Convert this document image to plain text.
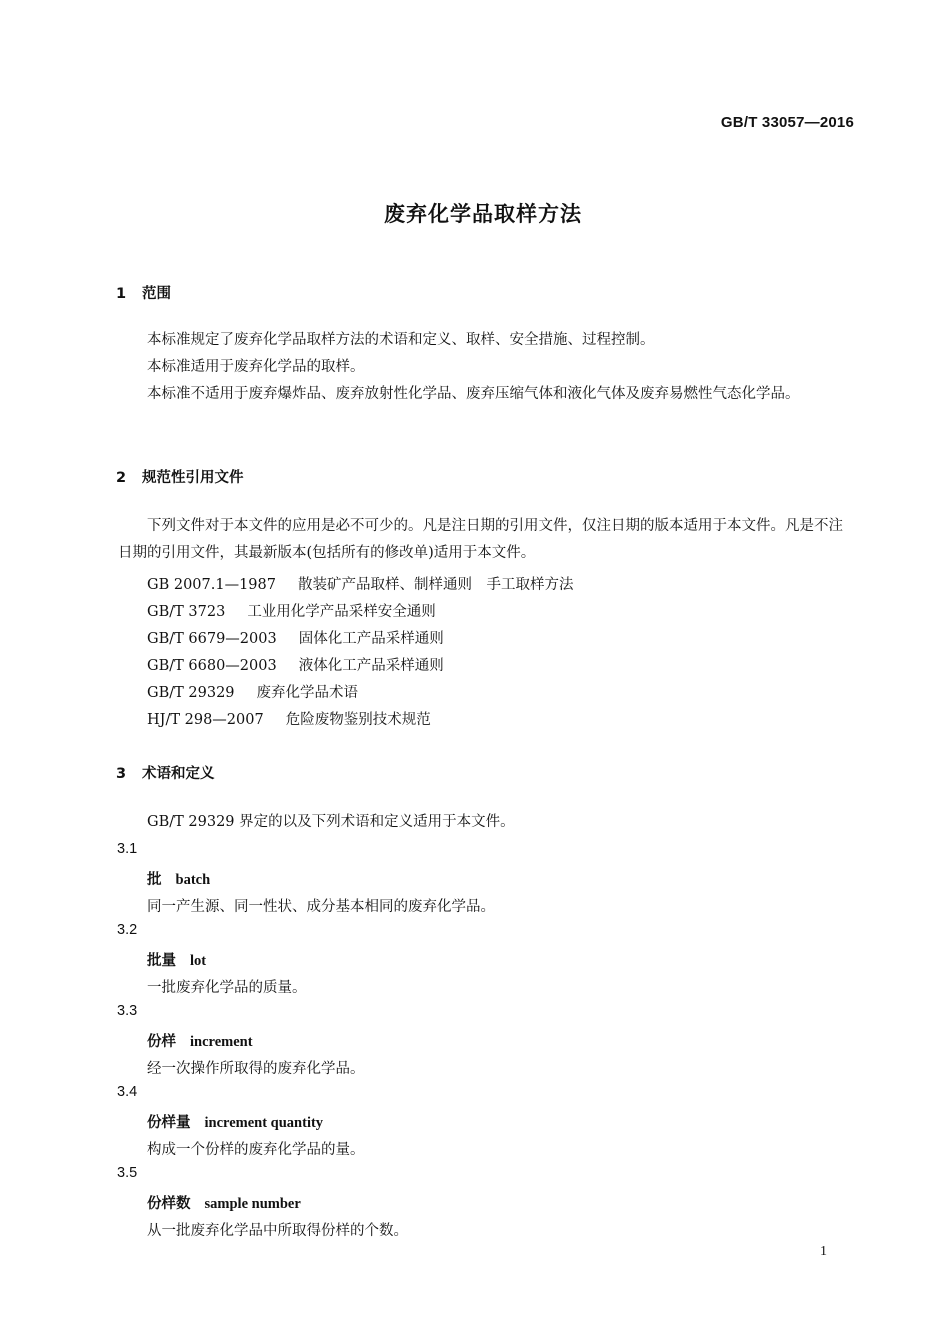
GB/T 33057—2016
废弃化学品取样方法
1 范围
本标准规定了废弃化学品取样方法的术语和定义、取样、安全措施、过程控制。
本标准适用于废弃化学品的取样。
本标准不适用于废弃爆炸品、废弃放射性化学品、废弃压缩气体和液化气体及废弃易燃性气态化学品。
2 规范性引用文件
下列文件对于本文件的应用是必不可少的。凡是注日期的引用文件，仅注日期的版本适用于本文件。凡是不注日期的引用文件，其最新版本(包括所有的修改单)适用于本文件。
GB 2007.1—1987 散装矿产品取样、制样通则　手工取样方法
GB/T 3723 工业用化学产品采样安全通则
GB/T 6679—2003 固体化工产品采样通则
GB/T 6680—2003 液体化工产品采样通则
GB/T 29329 废弃化学品术语
HJ/T 298—2007 危险废物鉴别技术规范
3 术语和定义
GB/T 29329 界定的以及下列术语和定义适用于本文件。
3.1
批 batch
同一产生源、同一性状、成分基本相同的废弃化学品。
3.2
批量 lot
一批废弃化学品的质量。
3.3
份样 increment
经一次操作所取得的废弃化学品。
3.4
份样量 increment quantity
构成一个份样的废弃化学品的量。
3.5
份样数 sample number
从一批废弃化学品中所取得份样的个数。
1
